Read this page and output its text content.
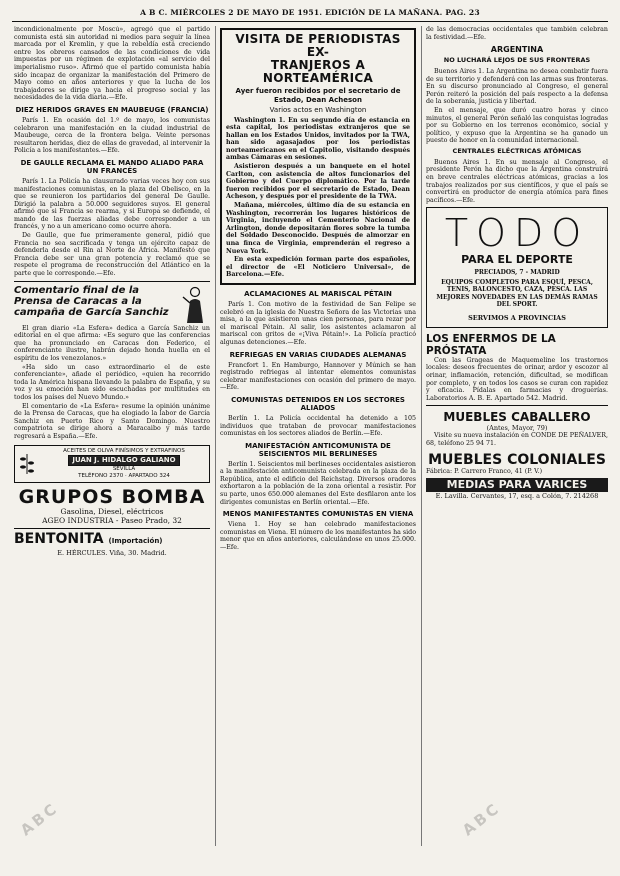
A B C. MIÉRCOLES 2 DE MAYO DE 1951. EDICIÓN DE LA MAÑANA. PAG. 23

incondicionalmente por Moscú», agregó que el partido comunista está sin autoridad ni medios para seguir la línea marcada por el Kremlin, y que la rebeldía está creciendo entre los obreros cansados de las condiciones de vida impuestas por un régimen de explotación «al servicio del imperialismo ruso». Afirmó que el partido comunista había sido incapaz de organizar la manifestación del Primero de Mayo como en años anteriores y que la lucha de los trabajadores se dirige ya hacia el progreso social y las necesidades de la vida diaria.—Efe.

DIEZ HERIDOS GRAVES EN MAUBEUGE (FRANCIA)

París 1. En ocasión del 1.º de mayo, los comunistas celebraron una manifestación en la ciudad industrial de Maubeuge, cerca de la frontera belga. Veinte personas resultaron heridas, diez de ellas de gravedad, al intervenir la Policía a los manifestantes.—Efe.

DE GAULLE RECLAMA EL MANDO ALIADO PARA UN FRANCÉS

París 1. La Policía ha clausurado varias veces hoy con sus manifestaciones comunistas, en la plaza del Obelisco, en la que se reunieron los partidarios del general De Gaulle. Dirigió la palabra a 50.000 seguidores suyos. El general afirmó que si Francia se rearma, y si Europa se defiende, el mando de las fuerzas aliadas debe corresponder a un francés, y no a un americano como ocurre ahora.

De Gaulle, que fue primeramente general, pidió que Francia no sea sacrificada y tenga un ejército capaz de defenderla desde el Rin al Norte de África. Manifestó que Francia debe ser una gran potencia y reclamó que se respete el programa de reconstrucción del Atlántico en la parte que le corresponde.—Efe.

Comentario final de la
Prensa de Caracas a la
campaña de García Sanchiz

El gran diario «La Esfera» dedica a García Sanchiz un editorial en el que afirma: «Es seguro que las conferencias que ha pronunciado en Caracas don Federico, el conferenciante ilustre, habrán dejado honda huella en el espíritu de los venezolanos.»

«Ha sido un caso extraordinario el de este conferenciante», añade el periódico, «quien ha recorrido toda la América hispana llevando la palabra de España, y su voz y su emoción han sido escuchadas por multitudes en todos los países del Nuevo Mundo.»

El comentario de «La Esfera» resume la opinión unánime de la Prensa de Caracas, que ha elogiado la labor de García Sanchiz en Puerto Rico y Santo Domingo. Nuestro compatriota se dirige ahora a Maracaibo y más tarde regresará a España.—Efe.

ACEITES DE OLIVA FINÍSIMOS Y EXTRAFINOS
JUAN J. HIDALGO GALIANO
SEVILLA
TELÉFONO 2370 · APARTADO 324
GRUPOS BOMBA
Gasolina, Diesel, eléctricos
AGEO INDUSTRIA - Paseo Prado, 32
BENTONITA (Importación)
E. HÉRCULES. Viña, 30. Madrid.
VISITA DE PERIODISTAS EX-
TRANJEROS A NORTEAMÉRICA
Ayer fueron recibidos por el secretario de Estado, Dean Acheson
Varios actos en Washington

Washington 1. En su segundo día de estancia en esta capital, los periodistas extranjeros que se hallan en los Estados Unidos, invitados por la TWA, han sido agasajados por los periodistas norteamericanos en el Capitolio, visitando después ambas Cámaras en sesiones.

Asistieron después a un banquete en el hotel Carlton, con asistencia de altos funcionarios del Gobierno y del Cuerpo diplomático. Por la tarde fueron recibidos por el secretario de Estado, Dean Acheson, y después por el presidente de la TWA.

Mañana, miércoles, último día de su estancia en Washington, recorrerán los lugares históricos de Virginia, incluyendo el Cementerio Nacional de Arlington, donde depositarán flores sobre la tumba del Soldado Desconocido. Después de almorzar en una finca de Virginia, emprenderán el regreso a Nueva York.

En esta expedición forman parte dos españoles, el director de «El Noticiero Universal», de Barcelona.—Efe.

ACLAMACIONES AL MARISCAL PÉTAIN

París 1. Con motivo de la festividad de San Felipe se celebró en la iglesia de Nuestra Señora de las Victorias una misa, a la que asistieron unas cien personas, para rezar por el mariscal Pétain. Al salir, los asistentes aclamaron al mariscal con gritos de «¡Viva Pétain!». La Policía practicó algunas detenciones.—Efe.

REFRIEGAS EN VARIAS CIUDADES ALEMANAS

Francfort 1. En Hamburgo, Hannover y Múnich se han registrado refriegas al intentar elementos comunistas celebrar manifestaciones con ocasión del primero de mayo.—Efe.

COMUNISTAS DETENIDOS EN LOS SECTORES ALIADOS

Berlín 1. La Policía occidental ha detenido a 105 individuos que trataban de provocar manifestaciones comunistas en los sectores aliados de Berlín.—Efe.

MANIFESTACIÓN ANTICOMUNISTA DE SEISCIENTOS MIL BERLINESES

Berlín 1. Seiscientos mil berlineses occidentales asistieron a la manifestación anticomunista celebrada en la plaza de la República, ante el edificio del Reichstag. Diversos oradores exhortaron a la población de la zona oriental a resistir. Por su parte, unos 650.000 alemanes del Este desfilaron ante los dirigentes comunistas en Berlín oriental.—Efe.

MENOS MANIFESTANTES COMUNISTAS EN VIENA

Viena 1. Hoy se han celebrado manifestaciones comunistas en Viena. El número de los manifestantes ha sido menor que en años anteriores, calculándose en unos 25.000.—Efe.

de las democracias occidentales que también celebran la festividad.—Efe.

ARGENTINA
NO LUCHARÁ LEJOS DE SUS FRONTERAS

Buenos Aires 1. La Argentina no desea combatir fuera de su territorio y defenderá con las armas sus fronteras. En su discurso pronunciado al Congreso, el general Perón reiteró la posición del país respecto a la defensa de la soberanía, justicia y libertad.

En el mensaje, que duró cuatro horas y cinco minutos, el general Perón señaló las conquistas logradas por su Gobierno en los terrenos económico, social y político, y expuso que la Argentina se ha ganado un puesto de honor en la comunidad internacional.

CENTRALES ELÉCTRICAS ATÓMICAS

Buenos Aires 1. En su mensaje al Congreso, el presidente Perón ha dicho que la Argentina construirá en breve centrales eléctricas atómicas, gracias a los trabajos realizados por sus científicos, y que el país se convertirá en productor de energía atómica para fines pacíficos.—Efe.

TODO
PARA EL DEPORTE
PRECIADOS, 7 - MADRID
EQUIPOS COMPLETOS PARA ESQUÍ, PESCA, TENIS, BALONCESTO, CAZA, PESCA. LAS MEJORES NOVEDADES EN LAS DEMÁS RAMAS DEL SPORT.
SERVIMOS A PROVINCIAS
LOS ENFERMOS DE LA PRÓSTATA

Con las Grageas de Maquemeline los trastornos locales: deseos frecuentes de orinar, ardor y escozor al orinar, inflamación, retención, dificultad, se modifican por completo, y en todos los casos se curan con rapidez y eficacia. Pídalas en farmacias y droguerías. Laboratorios A. B. E. Apartado 542. Madrid.

MUEBLES CABALLERO
(Antes, Mayor, 79)

Visite su nueva instalación en CONDE DE PEÑALVER, 68, teléfono 25 94 71.

MUEBLES COLONIALES

Fábrica: P. Carrero Franco, 41 (P. V.)

MEDIAS PARA VARICES
E. Lavilla. Cervantes, 17, esq. a Colón, 7. 214268
ABC	ABC
